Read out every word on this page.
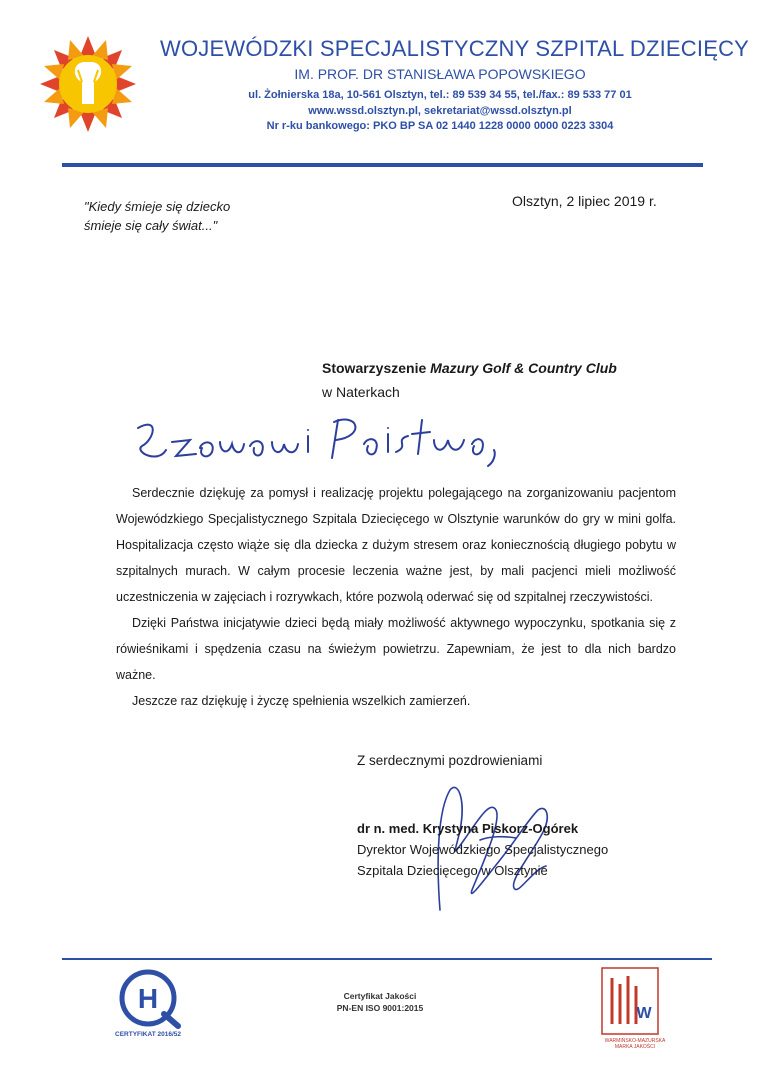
WOJEWÓDZKI SPECJALISTYCZNY SZPITAL DZIECIĘCY
IM. PROF. DR STANISŁAWA POPOWSKIEGO
ul. Żołnierska 18a, 10-561 Olsztyn, tel.: 89 539 34 55, tel./fax.: 89 533 77 01
www.wssd.olsztyn.pl, sekretariat@wssd.olsztyn.pl
Nr r-ku bankowego: PKO BP SA 02 1440 1228 0000 0000 0223 3304
"Kiedy śmieje się dziecko
śmieje się cały świat..."
Olsztyn, 2 lipiec 2019 r.
Stowarzyszenie Mazury Golf & Country Club
w Naterkach

Serdecznie dziękuję za pomysł i realizację projektu polegającego na zorganizowaniu pacjentom Wojewódzkiego Specjalistycznego Szpitala Dziecięcego w Olsztynie warunków do gry w mini golfa. Hospitalizacja często wiąże się dla dziecka z dużym stresem oraz koniecznością długiego pobytu w szpitalnych murach. W całym procesie leczenia ważne jest, by mali pacjenci mieli możliwość uczestniczenia w zajęciach i rozrywkach, które pozwolą oderwać się od szpitalnej rzeczywistości.

Dzięki Państwa inicjatywie dzieci będą miały możliwość aktywnego wypoczynku, spotkania się z rówieśnikami i spędzenia czasu na świeżym powietrzu. Zapewniam, że jest to dla nich bardzo ważne.

Jeszcze raz dziękuję i życzę spełnienia wszelkich zamierzeń.

Z serdecznymi pozdrowieniami
dr n. med. Krystyna Piskorz-Ogórek
Dyrektor Wojewódzkiego Specjalistycznego
Szpitala Dziecięcego w Olsztynie
H
CERTYFIKAT 2016/52
Certyfikat Jakości
PN-EN ISO 9001:2015	W
WARMIŃSKO-MAZURSKA MARKA JAKOŚCI
